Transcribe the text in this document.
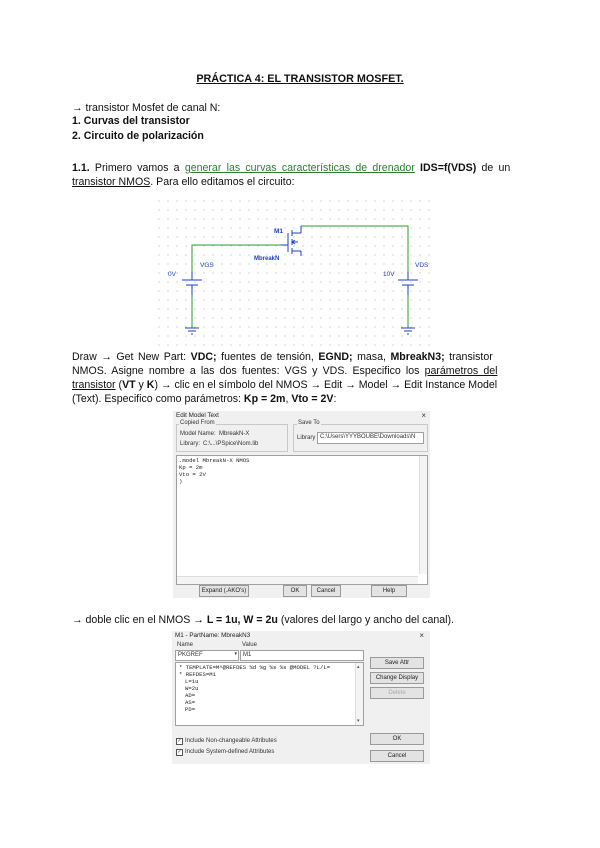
PRÁCTICA 4: EL TRANSISTOR MOSFET.
→ transistor Mosfet de canal N:
1. Curvas del transistor
2. Circuito de polarización
1.1. Primero vamos a generar las curvas características de drenador IDS=f(VDS) de un
transistor NMOS. Para ello editamos el circuito:
M1
MbreakN
VGS
0V
VDS
10V
Draw → Get New Part: VDC; fuentes de tensión, EGND; masa, MbreakN3; transistor
NMOS. Asigne nombre a las dos fuentes: VGS y VDS. Especifico los parámetros del
transistor (VT y K) → clic en el símbolo del NMOS → Edit → Model → Edit Instance Model
(Text). Especifico como parámetros: Kp = 2m, Vto = 2V:
Edit Model Text	×
Copied From
Model Name: MbreakN-X
Library: C:\...\PSpice\Nom.lib
Save To
Library C:\Users\YYYBOUBE\Downloads\N
.model MbreakN-X NMOS
Kp = 2m
Vto = 2V
)
Expand (.AKO's)	OK	Cancel	Help
→ doble clic en el NMOS → L = 1u, W = 2u (valores del largo y ancho del canal).
M1 - PartName: MbreakN3	×
Name	Value
PKGREF	▾ M1
* TEMPLATE=M^@REFDES %d %g %s %s @MODEL ?L/L=
* REFDES=M1
L=1u
W=2u
AD=
AS=
PD=
▴
▾
Save Attr
Change Display
Delete
✓ Include Non-changeable Attributes
✓ Include System-defined Attributes
OK
Cancel
